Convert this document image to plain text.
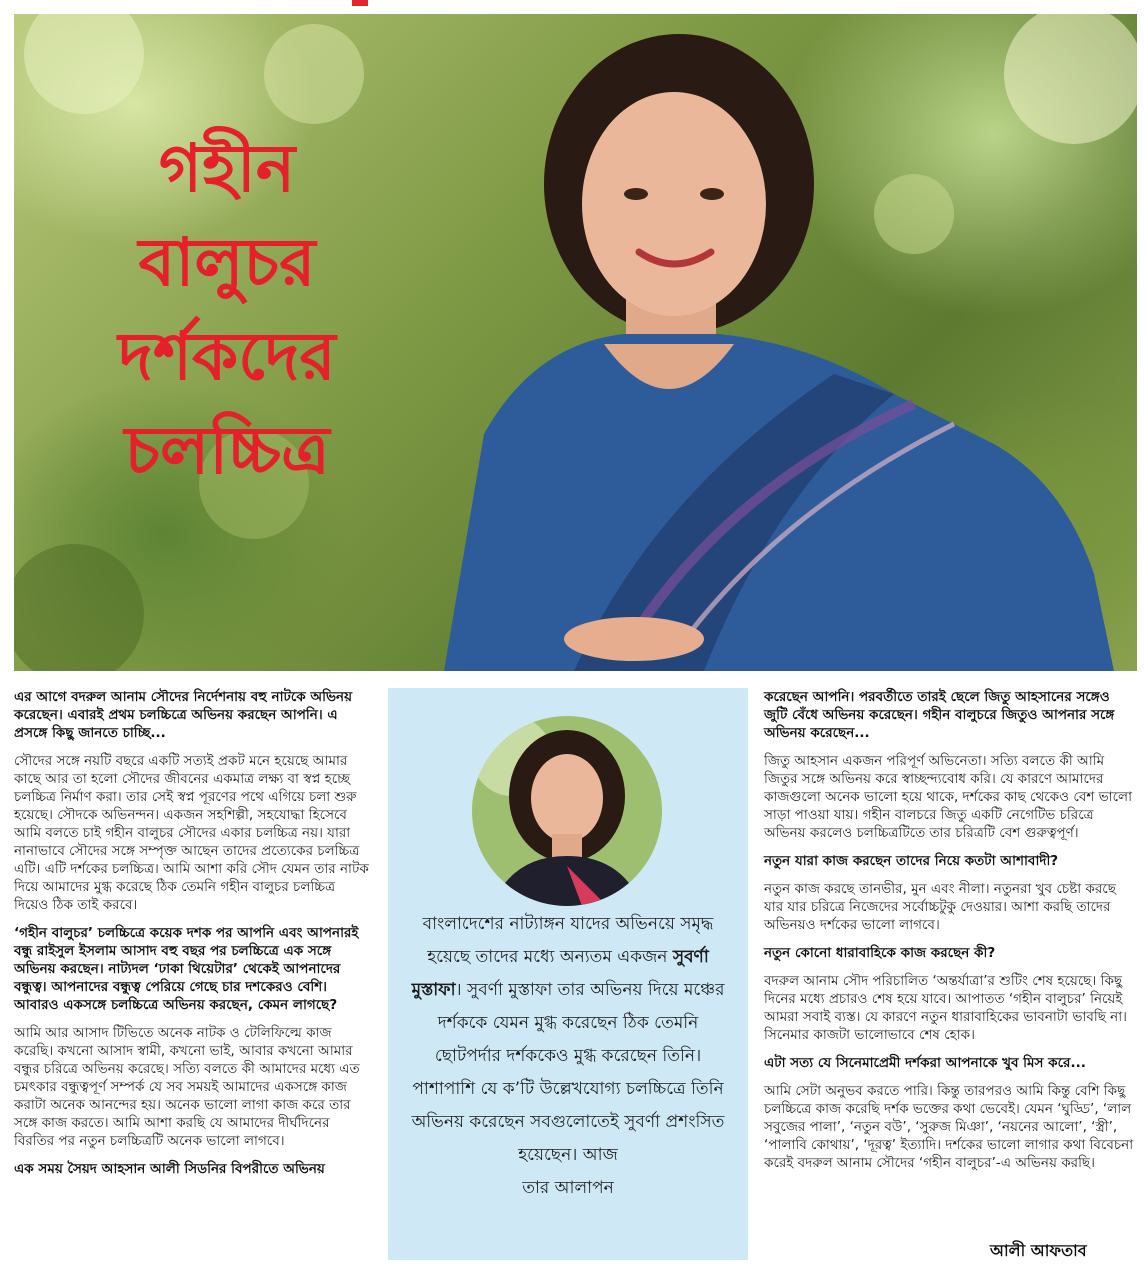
গহীন বালুচর
দর্শকদের
চলচ্চিত্র

এর আগে বদরুল আনাম সৌদের নির্দেশনায় বহু নাটকে অভিনয় করেছেন। এবারই প্রথম চলচ্চিত্রে অভিনয় করছেন আপনি। এ প্রসঙ্গে কিছু জানতে চাচ্ছি...

সৌদের সঙ্গে নয়টি বছরে একটি সত্যই প্রকট মনে হয়েছে আমার কাছে আর তা হলো সৌদের জীবনের একমাত্র লক্ষ্য বা স্বপ্ন হচ্ছে চলচ্চিত্র নির্মাণ করা। তার সেই স্বপ্ন পূরণের পথে এগিয়ে চলা শুরু হয়েছে। সৌদকে অভিনন্দন। একজন সহশিল্পী, সহযোদ্ধা হিসেবে আমি বলতে চাই গহীন বালুচর সৌদের একার চলচ্চিত্র নয়। যারা নানাভাবে সৌদের সঙ্গে সম্পৃক্ত আছেন তাদের প্রত্যেকের চলচ্চিত্র এটি। এটি দর্শকের চলচ্চিত্র। আমি আশা করি সৌদ যেমন তার নাটক দিয়ে আমাদের মুগ্ধ করেছে ঠিক তেমনি গহীন বালুচর চলচ্চিত্র দিয়েও ঠিক তাই করবে।

‘গহীন বালুচর’ চলচ্চিত্রে কয়েক দশক পর আপনি এবং আপনারই বন্ধু রাইসুল ইসলাম আসাদ বহু বছর পর চলচ্চিত্রে এক সঙ্গে অভিনয় করছেন। নাট্যদল ‘ঢাকা থিয়েটার’ থেকেই আপনাদের বন্ধুত্ব। আপনাদের বন্ধুত্ব পেরিয়ে গেছে চার দশকেরও বেশি। আবারও একসঙ্গে চলচ্চিত্রে অভিনয় করছেন, কেমন লাগছে?

আমি আর আসাদ টিভিতে অনেক নাটক ও টেলিফিল্মে কাজ করেছি। কখনো আসাদ স্বামী, কখনো ভাই, আবার কখনো আমার বন্ধুর চরিত্রে অভিনয় করেছে। সত্যি বলতে কী আমাদের মধ্যে এত চমৎকার বন্ধুত্বপূর্ণ সম্পর্ক যে সব সময়ই আমাদের একসঙ্গে কাজ করাটা অনেক আনন্দের হয়। অনেক ভালো লাগা কাজ করে তার সঙ্গে কাজ করতে। আমি আশা করছি যে আমাদের দীর্ঘদিনের বিরতির পর নতুন চলচ্চিত্রটি অনেক ভালো লাগবে।

এক সময় সৈয়দ আহসান আলী সিডনির বিপরীতে অভিনয়

বাংলাদেশের নাট্যাঙ্গন যাদের অভিনয়ে সমৃদ্ধ হয়েছে তাদের মধ্যে অন্যতম একজন সুবর্ণা মুস্তাফা। সুবর্ণা মুস্তাফা তার অভিনয় দিয়ে মঞ্চের দর্শককে যেমন মুগ্ধ করেছেন ঠিক তেমনি ছোটপর্দার দর্শককেও মুগ্ধ করেছেন তিনি। পাশাপাশি যে ক’টি উল্লেখযোগ্য চলচ্চিত্রে তিনি অভিনয় করেছেন সবগুলোতেই সুবর্ণা প্রশংসিত হয়েছেন। আজ
তার আলাপন

করেছেন আপনি। পরবর্তীতে তারই ছেলে জিতু আহসানের সঙ্গেও জুটি বেঁধে অভিনয় করেছেন। গহীন বালুচরে জিতুও আপনার সঙ্গে অভিনয় করেছেন...

জিতু আহসান একজন পরিপূর্ণ অভিনেতা। সত্যি বলতে কী আমি জিতুর সঙ্গে অভিনয় করে স্বাচ্ছন্দ্যবোধ করি। যে কারণে আমাদের কাজগুলো অনেক ভালো হয়ে থাকে, দর্শকের কাছ থেকেও বেশ ভালো সাড়া পাওয়া যায়। গহীন বালচরে জিতু একটি নেগেটিভ চরিত্রে অভিনয় করলেও চলচ্চিত্রটিতে তার চরিত্রটি বেশ গুরুত্বপূর্ণ।

নতুন যারা কাজ করছেন তাদের নিয়ে কতটা আশাবাদী?

নতুন কাজ করছে তানভীর, মুন এবং নীলা। নতুনরা খুব চেষ্টা করছে যার যার চরিত্রে নিজেদের সর্বোচ্চটুকু দেওয়ার। আশা করছি তাদের অভিনয়ও দর্শকের ভালো লাগবে।

নতুন কোনো ধারাবাহিকে কাজ করছেন কী?

বদরুল আনাম সৌদ পরিচালিত ‘অন্তর্যাত্রা’র শুটিং শেষ হয়েছে। কিছু দিনের মধ্যে প্রচারও শেষ হয়ে যাবে। আপাতত ‘গহীন বালুচর’ নিয়েই আমরা সবাই ব্যস্ত। যে কারণে নতুন ধারাবাহিকের ভাবনাটা ভাবছি না। সিনেমার কাজটা ভালোভাবে শেষ হোক।

এটা সত্য যে সিনেমাপ্রেমী দর্শকরা আপনাকে খুব মিস করে...

আমি সেটা অনুভব করতে পারি। কিন্তু তারপরও আমি কিন্তু বেশি কিছু চলচ্চিত্রে কাজ করেছি দর্শক ভক্তের কথা ভেবেই। যেমন ‘ঘুড্ডি’, ‘লাল সবুজের পালা’, ‘নতুন বউ’, ‘সুরুজ মিঞা’, ‘নয়নের আলো’, ‘স্ত্রী’, ‘পালাবি কোথায়’, ‘দূরত্ব’ ইত্যাদি। দর্শকের ভালো লাগার কথা বিবেচনা করেই বদরুল আনাম সৌদের ‘গহীন বালুচর’-এ অভিনয় করছি।

আলী আফতাব
